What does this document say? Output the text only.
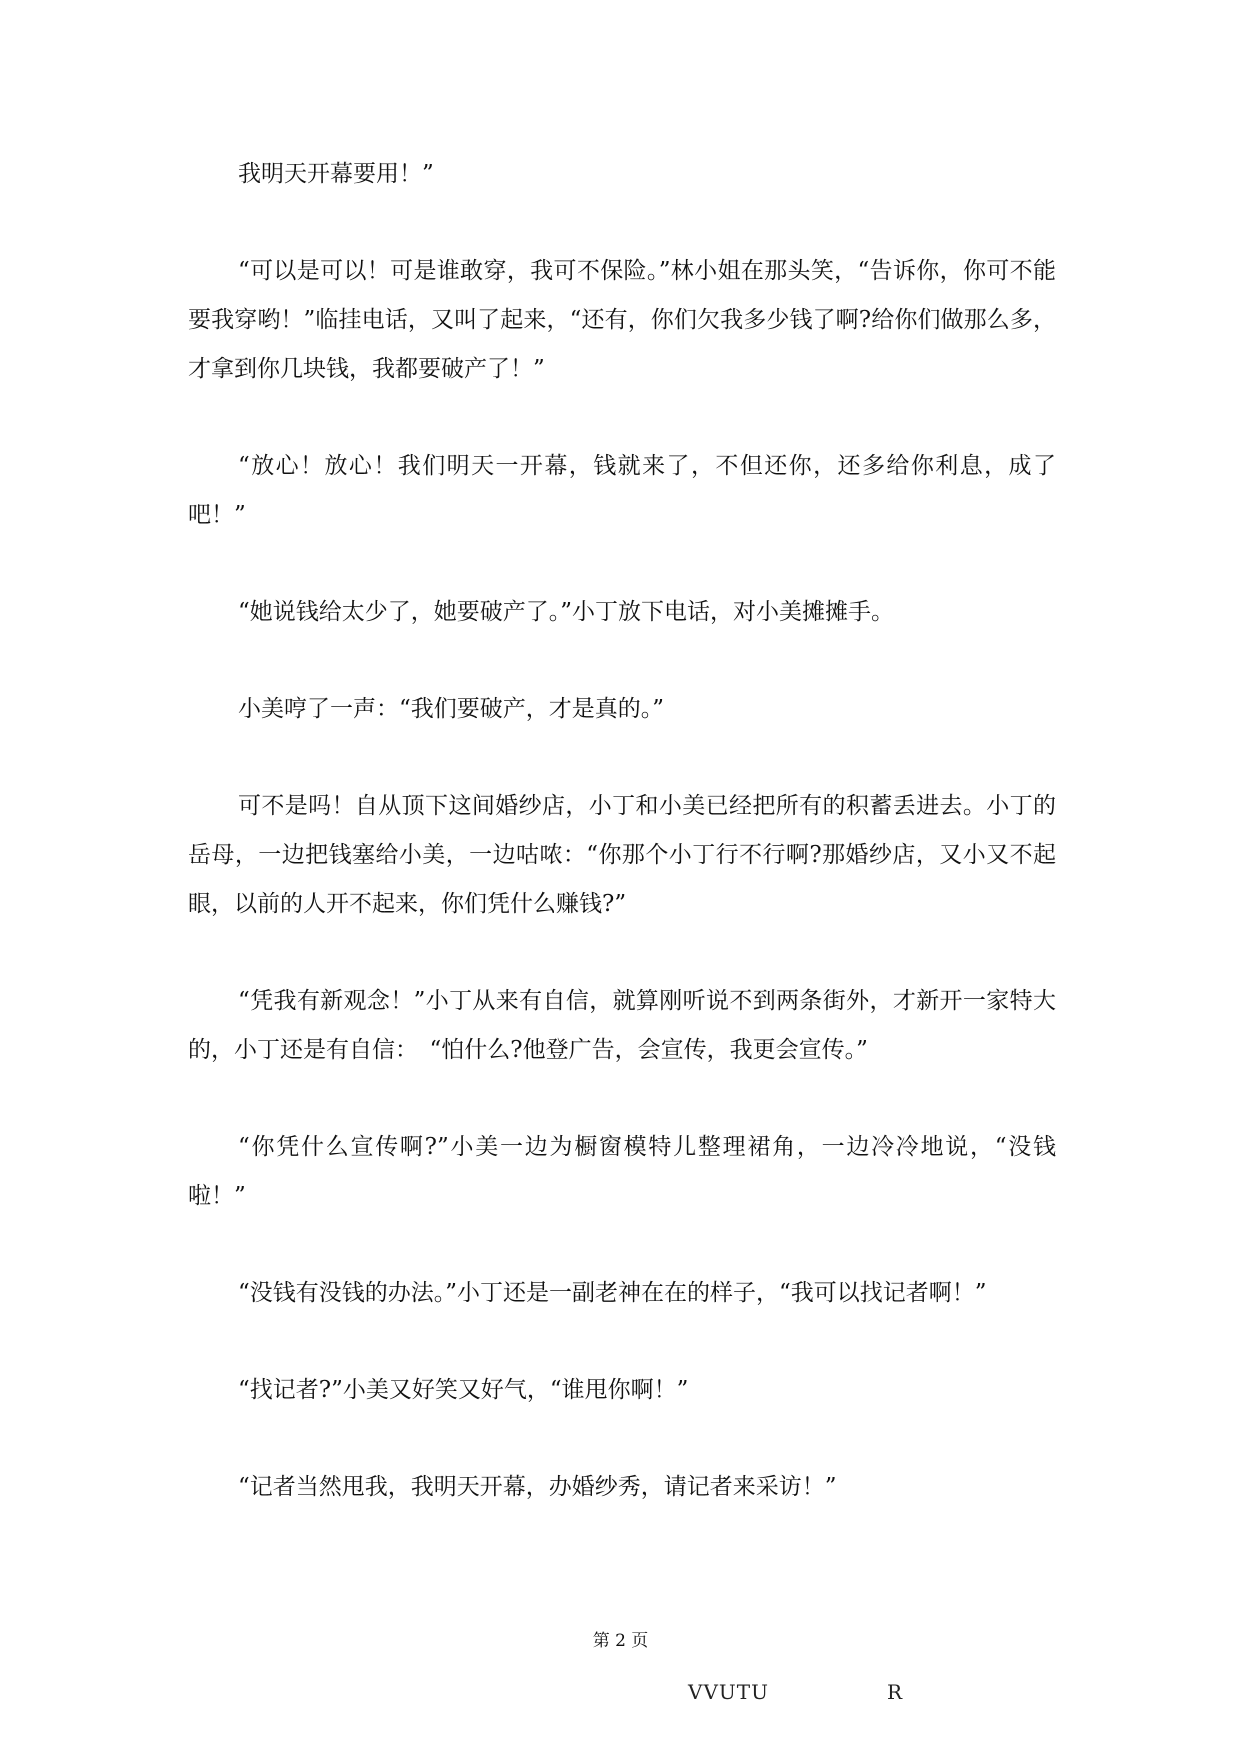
我明天开幕要用！”

“可以是可以！可是谁敢穿，我可不保险。”林小姐在那头笑，“告诉你，你可不能要我穿哟！”临挂电话，又叫了起来，“还有，你们欠我多少钱了啊?给你们做那么多，才拿到你几块钱，我都要破产了！”

“放心！放心！我们明天一开幕，钱就来了，不但还你，还多给你利息，成了吧！”

“她说钱给太少了，她要破产了。”小丁放下电话，对小美摊摊手。

小美哼了一声：“我们要破产，才是真的。”

可不是吗！自从顶下这间婚纱店，小丁和小美已经把所有的积蓄丢进去。小丁的岳母，一边把钱塞给小美，一边咕哝：“你那个小丁行不行啊?那婚纱店，又小又不起眼，以前的人开不起来，你们凭什么赚钱?”

“凭我有新观念！”小丁从来有自信，就算刚听说不到两条街外，才新开一家特大的，小丁还是有自信：　“怕什么?他登广告，会宣传，我更会宣传。”

“你凭什么宣传啊?”小美一边为橱窗模特儿整理裙角，一边冷冷地说，“没钱啦！”

“没钱有没钱的办法。”小丁还是一副老神在在的样子，“我可以找记者啊！”

“找记者?”小美又好笑又好气，“谁甩你啊！”

“记者当然甩我，我明天开幕，办婚纱秀，请记者来采访！”

第 2 页
VVUTU	R
